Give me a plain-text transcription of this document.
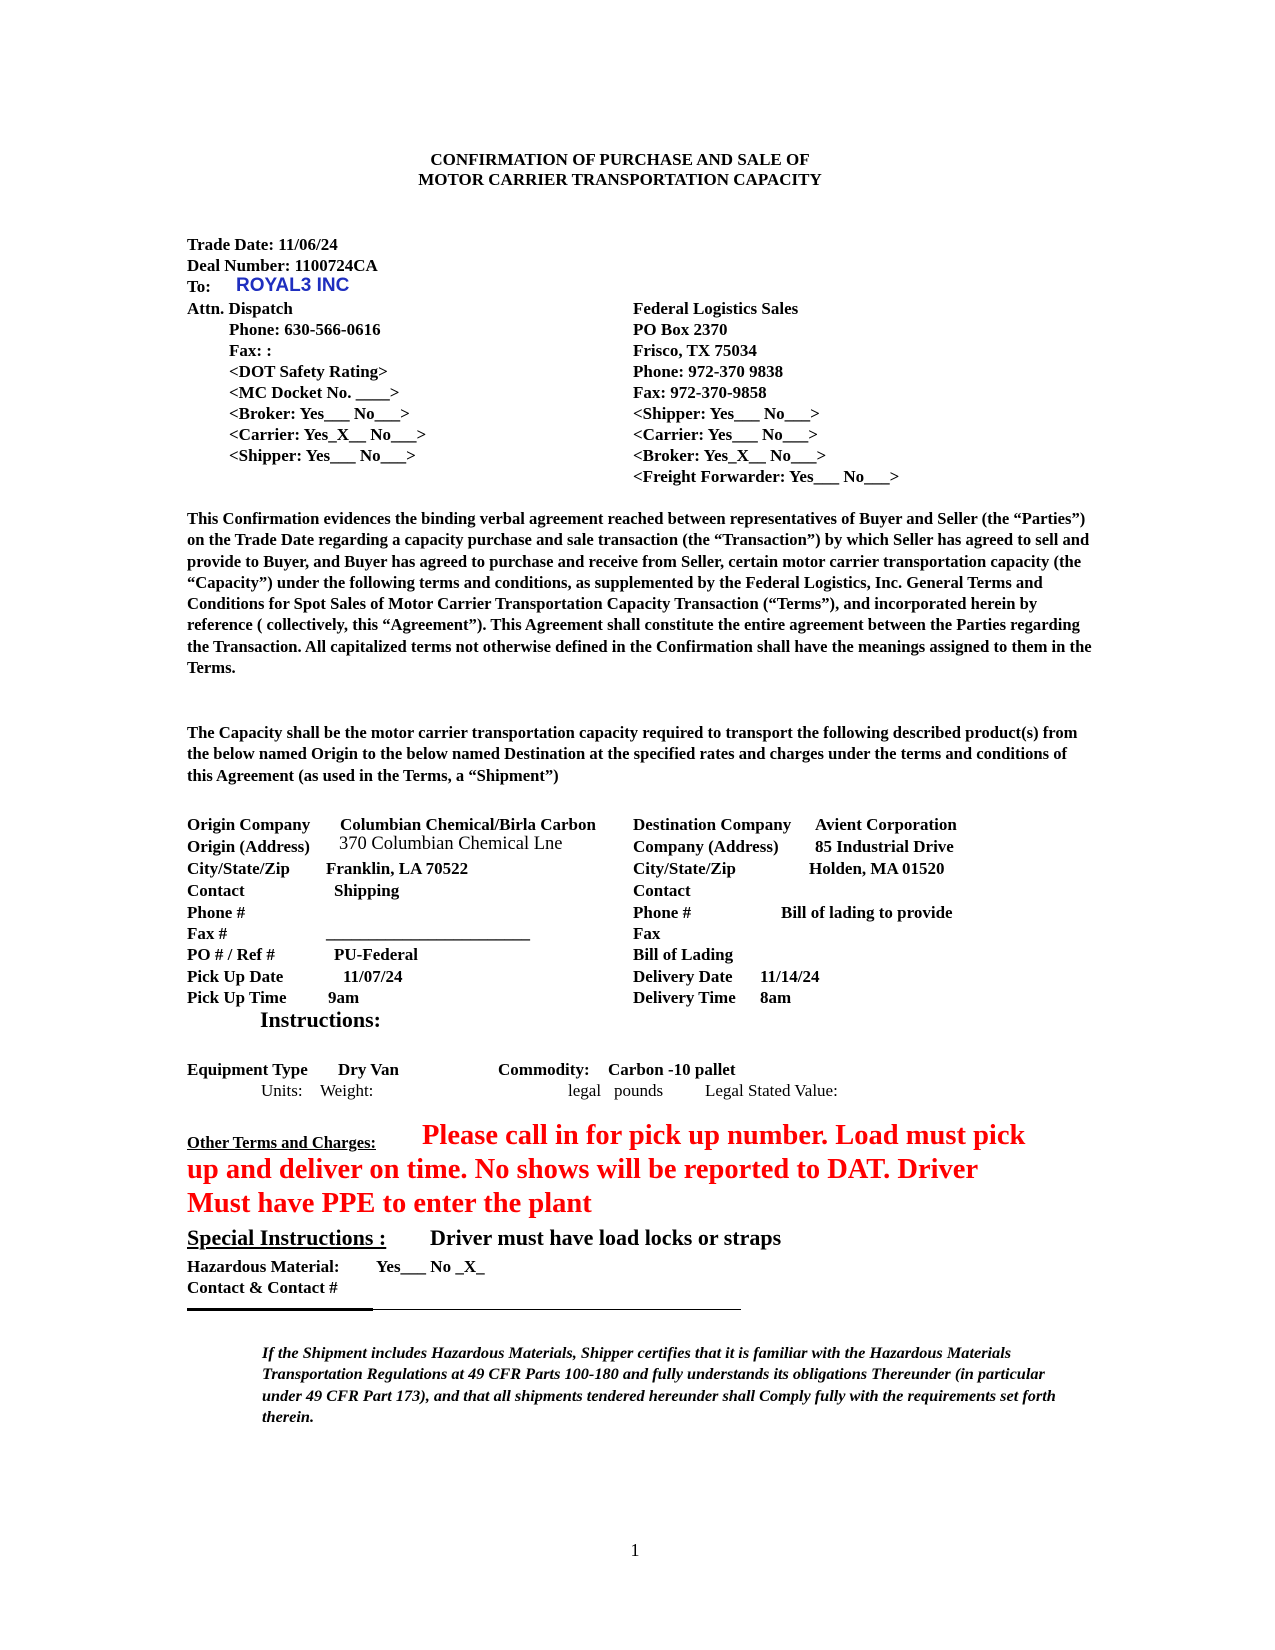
CONFIRMATION OF PURCHASE AND SALE OF
MOTOR CARRIER TRANSPORTATION CAPACITY
Trade Date: 11/06/24
Deal Number: 1100724CA
To: ROYAL3 INC
Attn. Dispatch
Phone: 630-566-0616
Fax: :
<DOT Safety Rating>
<MC Docket No. ____>
<Broker: Yes___ No___>
<Carrier: Yes_X__ No___>
<Shipper: Yes___ No___>
Federal Logistics Sales
PO Box 2370
Frisco, TX 75034
Phone: 972-370 9838
Fax: 972-370-9858
<Shipper: Yes___ No___>
<Carrier: Yes___ No___>
<Broker: Yes_X__ No___>
<Freight Forwarder: Yes___ No___>
This Confirmation evidences the binding verbal agreement reached between representatives of Buyer and Seller (the “Parties”) on the Trade Date regarding a capacity purchase and sale transaction (the “Transaction”) by which Seller has agreed to sell and provide to Buyer, and Buyer has agreed to purchase and receive from Seller, certain motor carrier transportation capacity (the “Capacity”) under the following terms and conditions, as supplemented by the Federal Logistics, Inc. General Terms and Conditions for Spot Sales of Motor Carrier Transportation Capacity Transaction (“Terms”), and incorporated herein by reference ( collectively, this “Agreement”). This Agreement shall constitute the entire agreement between the Parties regarding the Transaction. All capitalized terms not otherwise defined in the Confirmation shall have the meanings assigned to them in the Terms.
The Capacity shall be the motor carrier transportation capacity required to transport the following described product(s) from the below named Origin to the below named Destination at the specified rates and charges under the terms and conditions of this Agreement (as used in the Terms, a “Shipment”)
Origin Company Columbian Chemical/Birla Carbon
Origin (Address) 370 Columbian Chemical Lne
City/State/Zip Franklin, LA 70522
Contact	Shipping
Phone #
Fax #	________________________
PO # / Ref #	PU-Federal
Pick Up Date	11/07/24
Pick Up Time 9am
Instructions:
Destination Company Avient Corporation
Company (Address) 85 Industrial Drive
City/State/Zip	Holden, MA 01520
Contact
Phone #	Bill of lading to provide
Fax
Bill of Lading
Delivery Date 11/14/24
Delivery Time 8am
Equipment Type Dry Van	Commodity: Carbon -10 pallet
Units: Weight:	legal pounds Legal Stated Value:
Other Terms and Charges: Please call in for pick up number. Load must pick
up and deliver on time. No shows will be reported to DAT. Driver
Must have PPE to enter the plant
Special Instructions : Driver must have load locks or straps
Hazardous Material: Yes___ No _X_
Contact & Contact #
If the Shipment includes Hazardous Materials, Shipper certifies that it is familiar with the Hazardous Materials Transportation Regulations at 49 CFR Parts 100-180 and fully understands its obligations Thereunder (in particular under 49 CFR Part 173), and that all shipments tendered hereunder shall Comply fully with the requirements set forth therein.
1
